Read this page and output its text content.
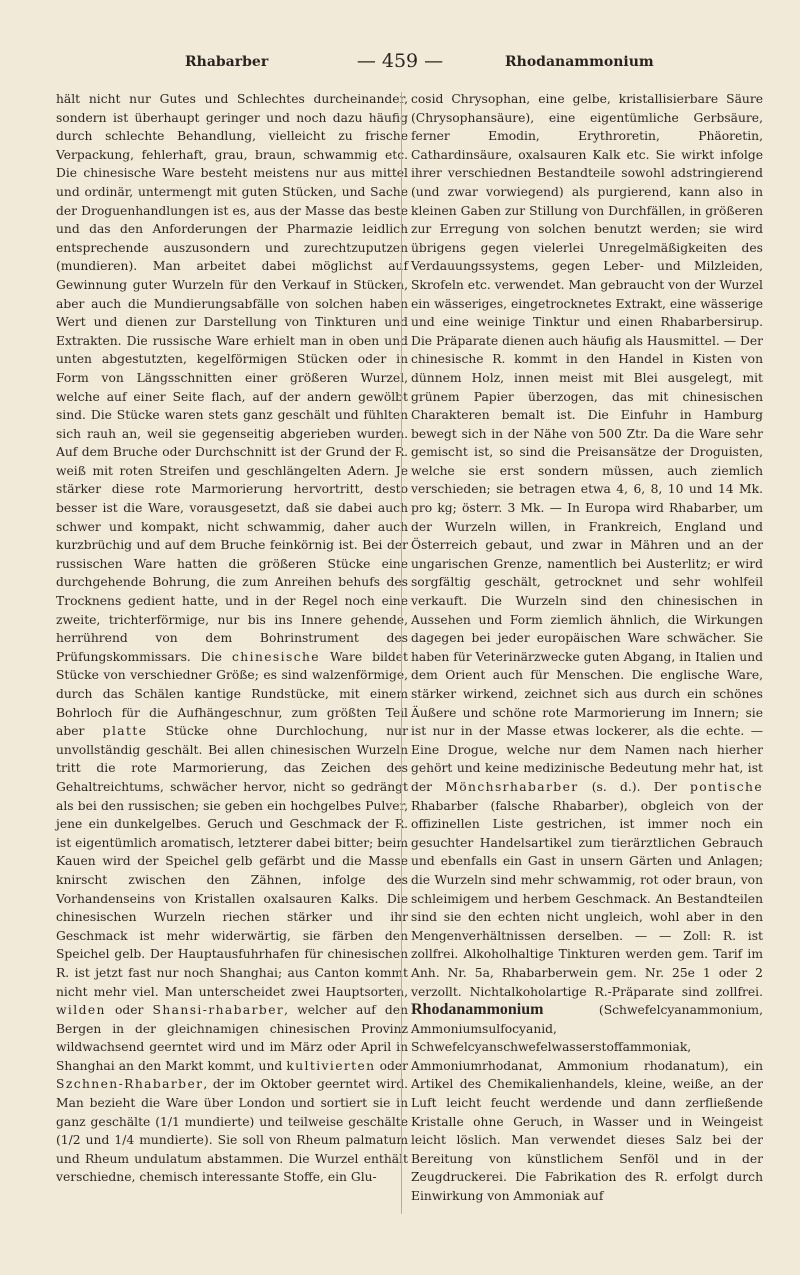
Rhabarber	— 459 —	Rhodanammonium

hält nicht nur Gutes und Schlechtes durcheinander, sondern ist überhaupt geringer und noch dazu häufig durch schlechte Behandlung, vielleicht zu frische Verpackung, fehlerhaft, grau, braun, schwammig etc. Die chinesische Ware besteht meistens nur aus mittel und ordinär, untermengt mit guten Stücken, und Sache der Droguenhandlungen ist es, aus der Masse das beste und das den Anforderungen der Pharmazie leidlich entsprechende auszusondern und zurechtzuputzen (mundieren). Man arbeitet dabei möglichst auf Gewinnung guter Wurzeln für den Verkauf in Stücken, aber auch die Mundierungsabfälle von solchen haben Wert und dienen zur Darstellung von Tinkturen und Extrakten. Die russische Ware erhielt man in oben und unten abgestutzten, kegelförmigen Stücken oder in Form von Längsschnitten einer größeren Wurzel, welche auf einer Seite flach, auf der andern gewölbt sind. Die Stücke waren stets ganz geschält und fühlten sich rauh an, weil sie gegenseitig abgerieben wurden. Auf dem Bruche oder Durchschnitt ist der Grund der R. weiß mit roten Streifen und geschlängelten Adern. Je stärker diese rote Marmorierung hervortritt, desto besser ist die Ware, vorausgesetzt, daß sie dabei auch schwer und kompakt, nicht schwammig, daher auch kurzbrüchig und auf dem Bruche feinkörnig ist. Bei der russischen Ware hatten die größeren Stücke eine durchgehende Bohrung, die zum Anreihen behufs des Trocknens gedient hatte, und in der Regel noch eine zweite, trichterförmige, nur bis ins Innere gehende, herrührend von dem Bohrinstrument des Prüfungskommissars. Die chinesische Ware bildet Stücke von verschiedner Größe; es sind walzenförmige, durch das Schälen kantige Rundstücke, mit einem Bohrloch für die Aufhängeschnur, zum größten Teil aber platte Stücke ohne Durchlochung, nur unvollständig geschält. Bei allen chinesischen Wurzeln tritt die rote Marmorierung, das Zeichen des Gehaltreichtums, schwächer hervor, nicht so gedrängt als bei den russischen; sie geben ein hochgelbes Pulver, jene ein dunkelgelbes. Geruch und Geschmack der R. ist eigentümlich aromatisch, letzterer dabei bitter; beim Kauen wird der Speichel gelb gefärbt und die Masse knirscht zwischen den Zähnen, infolge des Vorhandenseins von Kristallen oxalsauren Kalks. Die chinesischen Wurzeln riechen stärker und ihr Geschmack ist mehr widerwärtig, sie färben den Speichel gelb. Der Hauptausfuhrhafen für chinesischen R. ist jetzt fast nur noch Shanghai; aus Canton kommt nicht mehr viel. Man unterscheidet zwei Hauptsorten, wilden oder Shansi-rhabarber, welcher auf den Bergen in der gleichnamigen chinesischen Provinz wildwachsend geerntet wird und im März oder April in Shanghai an den Markt kommt, und kultivierten oder Szchnen-Rhabarber, der im Oktober geerntet wird. Man bezieht die Ware über London und sortiert sie in ganz geschälte (1/1 mundierte) und teilweise geschälte (1/2 und 1/4 mundierte). Sie soll von Rheum palmatum und Rheum undulatum abstammen. Die Wurzel enthält verschiedne, chemisch interessante Stoffe, ein Glu-

cosid Chrysophan, eine gelbe, kristallisierbare Säure (Chrysophansäure), eine eigentümliche Gerbsäure, ferner Emodin, Erythroretin, Phäoretin, Cathardinsäure, oxalsauren Kalk etc. Sie wirkt infolge ihrer verschiednen Bestandteile sowohl adstringierend (und zwar vorwiegend) als purgierend, kann also in kleinen Gaben zur Stillung von Durchfällen, in größeren zur Erregung von solchen benutzt werden; sie wird übrigens gegen vielerlei Unregelmäßigkeiten des Verdauungssystems, gegen Leber- und Milzleiden, Skrofeln etc. verwendet. Man gebraucht von der Wurzel ein wässeriges, eingetrocknetes Extrakt, eine wässerige und eine weinige Tinktur und einen Rhabarbersirup. Die Präparate dienen auch häufig als Hausmittel. — Der chinesische R. kommt in den Handel in Kisten von dünnem Holz, innen meist mit Blei ausgelegt, mit grünem Papier überzogen, das mit chinesischen Charakteren bemalt ist. Die Einfuhr in Hamburg bewegt sich in der Nähe von 500 Ztr. Da die Ware sehr gemischt ist, so sind die Preisansätze der Droguisten, welche sie erst sondern müssen, auch ziemlich verschieden; sie betragen etwa 4, 6, 8, 10 und 14 Mk. pro kg; österr. 3 Mk. — In Europa wird Rhabarber, um der Wurzeln willen, in Frankreich, England und Österreich gebaut, und zwar in Mähren und an der ungarischen Grenze, namentlich bei Austerlitz; er wird sorgfältig geschält, getrocknet und sehr wohlfeil verkauft. Die Wurzeln sind den chinesischen in Aussehen und Form ziemlich ähnlich, die Wirkungen dagegen bei jeder europäischen Ware schwächer. Sie haben für Veterinärzwecke guten Abgang, in Italien und dem Orient auch für Menschen. Die englische Ware, stärker wirkend, zeichnet sich aus durch ein schönes Äußere und schöne rote Marmorierung im Innern; sie ist nur in der Masse etwas lockerer, als die echte. — Eine Drogue, welche nur dem Namen nach hierher gehört und keine medizinische Bedeutung mehr hat, ist der Mönchsrhabarber (s. d.). Der pontische Rhabarber (falsche Rhabarber), obgleich von der offizinellen Liste gestrichen, ist immer noch ein gesuchter Handelsartikel zum tierärztlichen Gebrauch und ebenfalls ein Gast in unsern Gärten und Anlagen; die Wurzeln sind mehr schwammig, rot oder braun, von schleimigem und herbem Geschmack. An Bestandteilen sind sie den echten nicht ungleich, wohl aber in den Mengenverhältnissen derselben. — — Zoll: R. ist zollfrei. Alkoholhaltige Tinkturen werden gem. Tarif im Anh. Nr. 5a, Rhabarberwein gem. Nr. 25e 1 oder 2 verzollt. Nichtalkoholartige R.-Präparate sind zollfrei. Rhodanammonium (Schwefelcyanammonium, Ammoniumsulfocyanid, Schwefelcyanschwefelwasserstoffammoniak, Ammoniumrhodanat, Ammonium rhodanatum), ein Artikel des Chemikalienhandels, kleine, weiße, an der Luft leicht feucht werdende und dann zerfließende Kristalle ohne Geruch, in Wasser und in Weingeist leicht löslich. Man verwendet dieses Salz bei der Bereitung von künstlichem Senföl und in der Zeugdruckerei. Die Fabrikation des R. erfolgt durch Einwirkung von Ammoniak auf
